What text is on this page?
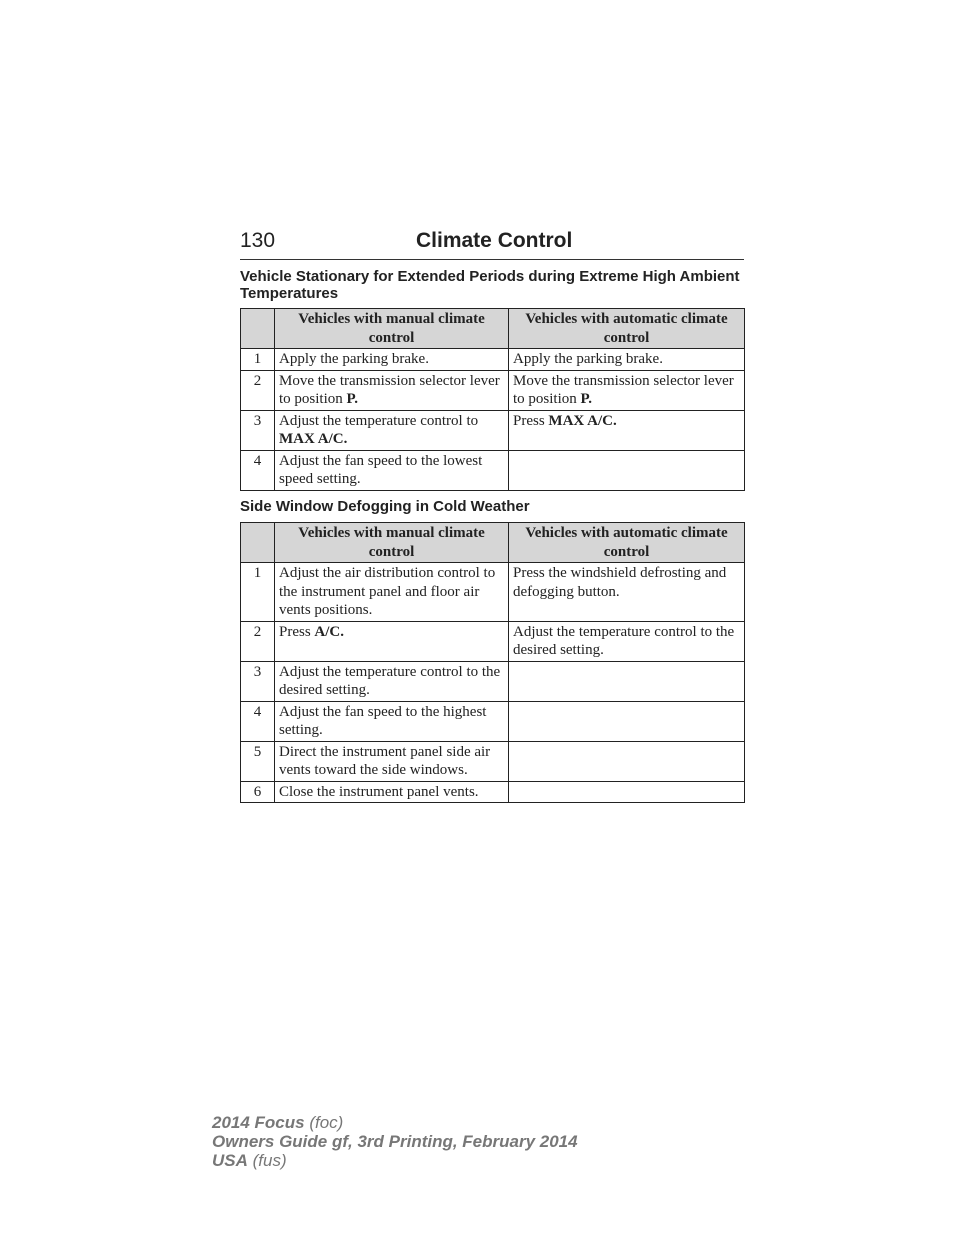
130	Climate Control
Vehicle Stationary for Extended Periods during Extreme High Ambient Temperatures
	Vehicles with manual climate control	Vehicles with automatic climate control
1	Apply the parking brake.	Apply the parking brake.
2	Move the transmission selector lever to position P.	Move the transmission selector lever to position P.
3	Adjust the temperature control to MAX A/C.	Press MAX A/C.
4	Adjust the fan speed to the lowest speed setting.	
Side Window Defogging in Cold Weather
	Vehicles with manual climate control	Vehicles with automatic climate control
1	Adjust the air distribution control to the instrument panel and floor air vents positions.	Press the windshield defrosting and defogging button.
2	Press A/C.	Adjust the temperature control to the desired setting.
3	Adjust the temperature control to the desired setting.	
4	Adjust the fan speed to the highest setting.	
5	Direct the instrument panel side air vents toward the side windows.	
6	Close the instrument panel vents.	
2014 Focus (foc)
Owners Guide gf, 3rd Printing, February 2014
USA (fus)
